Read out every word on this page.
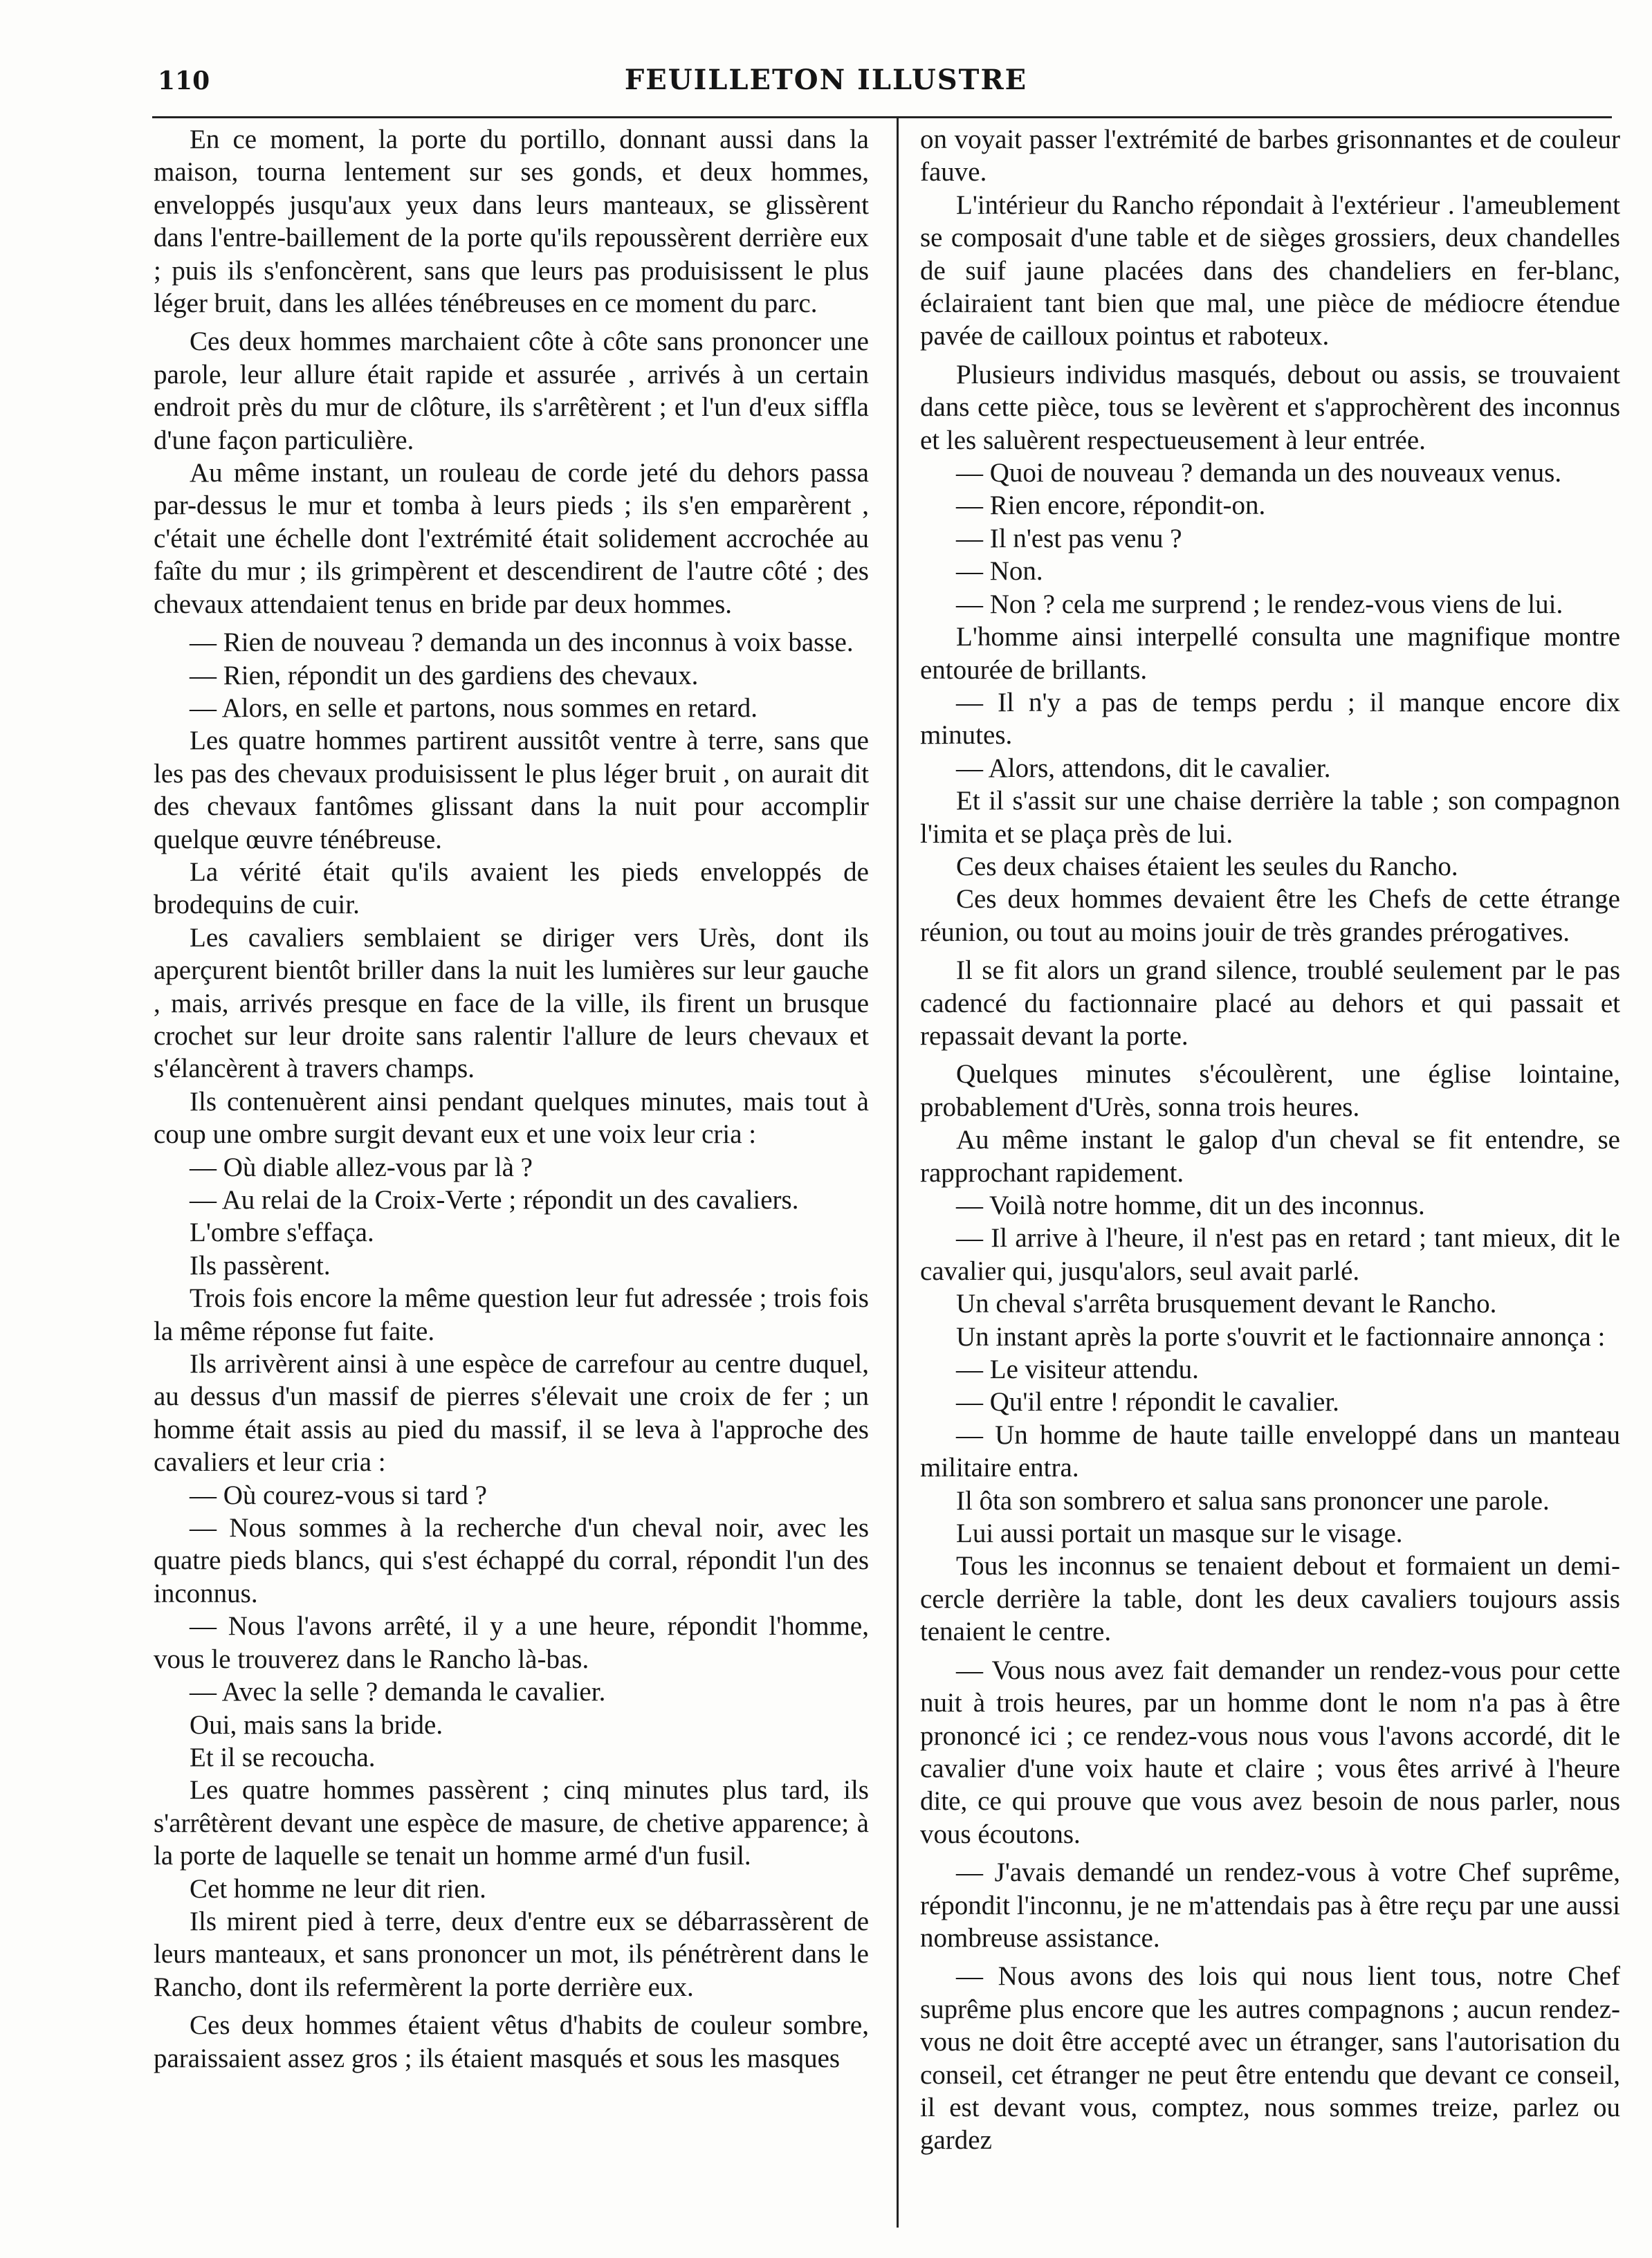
110	FEUILLETON ILLUSTRE

En ce moment, la porte du portillo, donnant aussi dans la maison, tourna lentement sur ses gonds, et deux hommes, enveloppés jusqu'aux yeux dans leurs manteaux, se glissèrent dans l'entre-baillement de la porte qu'ils repoussèrent derrière eux ; puis ils s'enfoncèrent, sans que leurs pas produisissent le plus léger bruit, dans les allées ténébreuses en ce moment du parc.

Ces deux hommes marchaient côte à côte sans prononcer une parole, leur allure était rapide et assurée , arrivés à un certain endroit près du mur de clôture, ils s'arrêtèrent ; et l'un d'eux siffla d'une façon particulière.

Au même instant, un rouleau de corde jeté du dehors passa par-dessus le mur et tomba à leurs pieds ; ils s'en emparèrent , c'était une échelle dont l'extrémité était solidement accrochée au faîte du mur ; ils grimpèrent et descendirent de l'autre côté ; des chevaux attendaient tenus en bride par deux hommes.

— Rien de nouveau ? demanda un des inconnus à voix basse.

— Rien, répondit un des gardiens des chevaux.

— Alors, en selle et partons, nous sommes en retard.

Les quatre hommes partirent aussitôt ventre à terre, sans que les pas des chevaux produisissent le plus léger bruit , on aurait dit des chevaux fantômes glissant dans la nuit pour accomplir quelque œuvre ténébreuse.

La vérité était qu'ils avaient les pieds enveloppés de brodequins de cuir.

Les cavaliers semblaient se diriger vers Urès, dont ils aperçurent bientôt briller dans la nuit les lumières sur leur gauche , mais, arrivés presque en face de la ville, ils firent un brusque crochet sur leur droite sans ralentir l'allure de leurs chevaux et s'élancèrent à travers champs.

Ils contenuèrent ainsi pendant quelques minutes, mais tout à coup une ombre surgit devant eux et une voix leur cria :

— Où diable allez-vous par là ?

— Au relai de la Croix-Verte ; répondit un des cavaliers.

L'ombre s'effaça.

Ils passèrent.

Trois fois encore la même question leur fut adressée ; trois fois la même réponse fut faite.

Ils arrivèrent ainsi à une espèce de carrefour au centre duquel, au dessus d'un massif de pierres s'élevait une croix de fer ; un homme était assis au pied du massif, il se leva à l'approche des cavaliers et leur cria :

— Où courez-vous si tard ?

— Nous sommes à la recherche d'un cheval noir, avec les quatre pieds blancs, qui s'est échappé du corral, répondit l'un des inconnus.

— Nous l'avons arrêté, il y a une heure, répondit l'homme, vous le trouverez dans le Rancho là-bas.

— Avec la selle ? demanda le cavalier.

Oui, mais sans la bride.

Et il se recoucha.

Les quatre hommes passèrent ; cinq minutes plus tard, ils s'arrêtèrent devant une espèce de masure, de chetive apparence; à la porte de laquelle se tenait un homme armé d'un fusil.

Cet homme ne leur dit rien.

Ils mirent pied à terre, deux d'entre eux se débarrassèrent de leurs manteaux, et sans prononcer un mot, ils pénétrèrent dans le Rancho, dont ils refermèrent la porte derrière eux.

Ces deux hommes étaient vêtus d'habits de couleur sombre, paraissaient assez gros ; ils étaient masqués et sous les masques

on voyait passer l'extrémité de barbes grisonnantes et de couleur fauve.

L'intérieur du Rancho répondait à l'extérieur . l'ameublement se composait d'une table et de sièges grossiers, deux chandelles de suif jaune placées dans des chandeliers en fer-blanc, éclairaient tant bien que mal, une pièce de médiocre étendue pavée de cailloux pointus et raboteux.

Plusieurs individus masqués, debout ou assis, se trouvaient dans cette pièce, tous se levèrent et s'approchèrent des inconnus et les saluèrent respectueusement à leur entrée.

— Quoi de nouveau ? demanda un des nouveaux venus.

— Rien encore, répondit-on.

— Il n'est pas venu ?

— Non.

— Non ? cela me surprend ; le rendez-vous viens de lui.

L'homme ainsi interpellé consulta une magnifique montre entourée de brillants.

— Il n'y a pas de temps perdu ; il manque encore dix minutes.

— Alors, attendons, dit le cavalier.

Et il s'assit sur une chaise derrière la table ; son compagnon l'imita et se plaça près de lui.

Ces deux chaises étaient les seules du Rancho.

Ces deux hommes devaient être les Chefs de cette étrange réunion, ou tout au moins jouir de très grandes prérogatives.

Il se fit alors un grand silence, troublé seulement par le pas cadencé du factionnaire placé au dehors et qui passait et repassait devant la porte.

Quelques minutes s'écoulèrent, une église lointaine, probablement d'Urès, sonna trois heures.

Au même instant le galop d'un cheval se fit entendre, se rapprochant rapidement.

— Voilà notre homme, dit un des inconnus.

— Il arrive à l'heure, il n'est pas en retard ; tant mieux, dit le cavalier qui, jusqu'alors, seul avait parlé.

Un cheval s'arrêta brusquement devant le Rancho.

Un instant après la porte s'ouvrit et le factionnaire annonça :

— Le visiteur attendu.

— Qu'il entre ! répondit le cavalier.

— Un homme de haute taille enveloppé dans un manteau militaire entra.

Il ôta son sombrero et salua sans prononcer une parole.

Lui aussi portait un masque sur le visage.

Tous les inconnus se tenaient debout et formaient un demi-cercle derrière la table, dont les deux cavaliers toujours assis tenaient le centre.

— Vous nous avez fait demander un rendez-vous pour cette nuit à trois heures, par un homme dont le nom n'a pas à être prononcé ici ; ce rendez-vous nous vous l'avons accordé, dit le cavalier d'une voix haute et claire ; vous êtes arrivé à l'heure dite, ce qui prouve que vous avez besoin de nous parler, nous vous écoutons.

— J'avais demandé un rendez-vous à votre Chef suprême, répondit l'inconnu, je ne m'attendais pas à être reçu par une aussi nombreuse assistance.

— Nous avons des lois qui nous lient tous, notre Chef suprême plus encore que les autres compagnons ; aucun rendez-vous ne doit être accepté avec un étranger, sans l'autorisation du conseil, cet étranger ne peut être entendu que devant ce conseil, il est devant vous, comptez, nous sommes treize, parlez ou gardez
